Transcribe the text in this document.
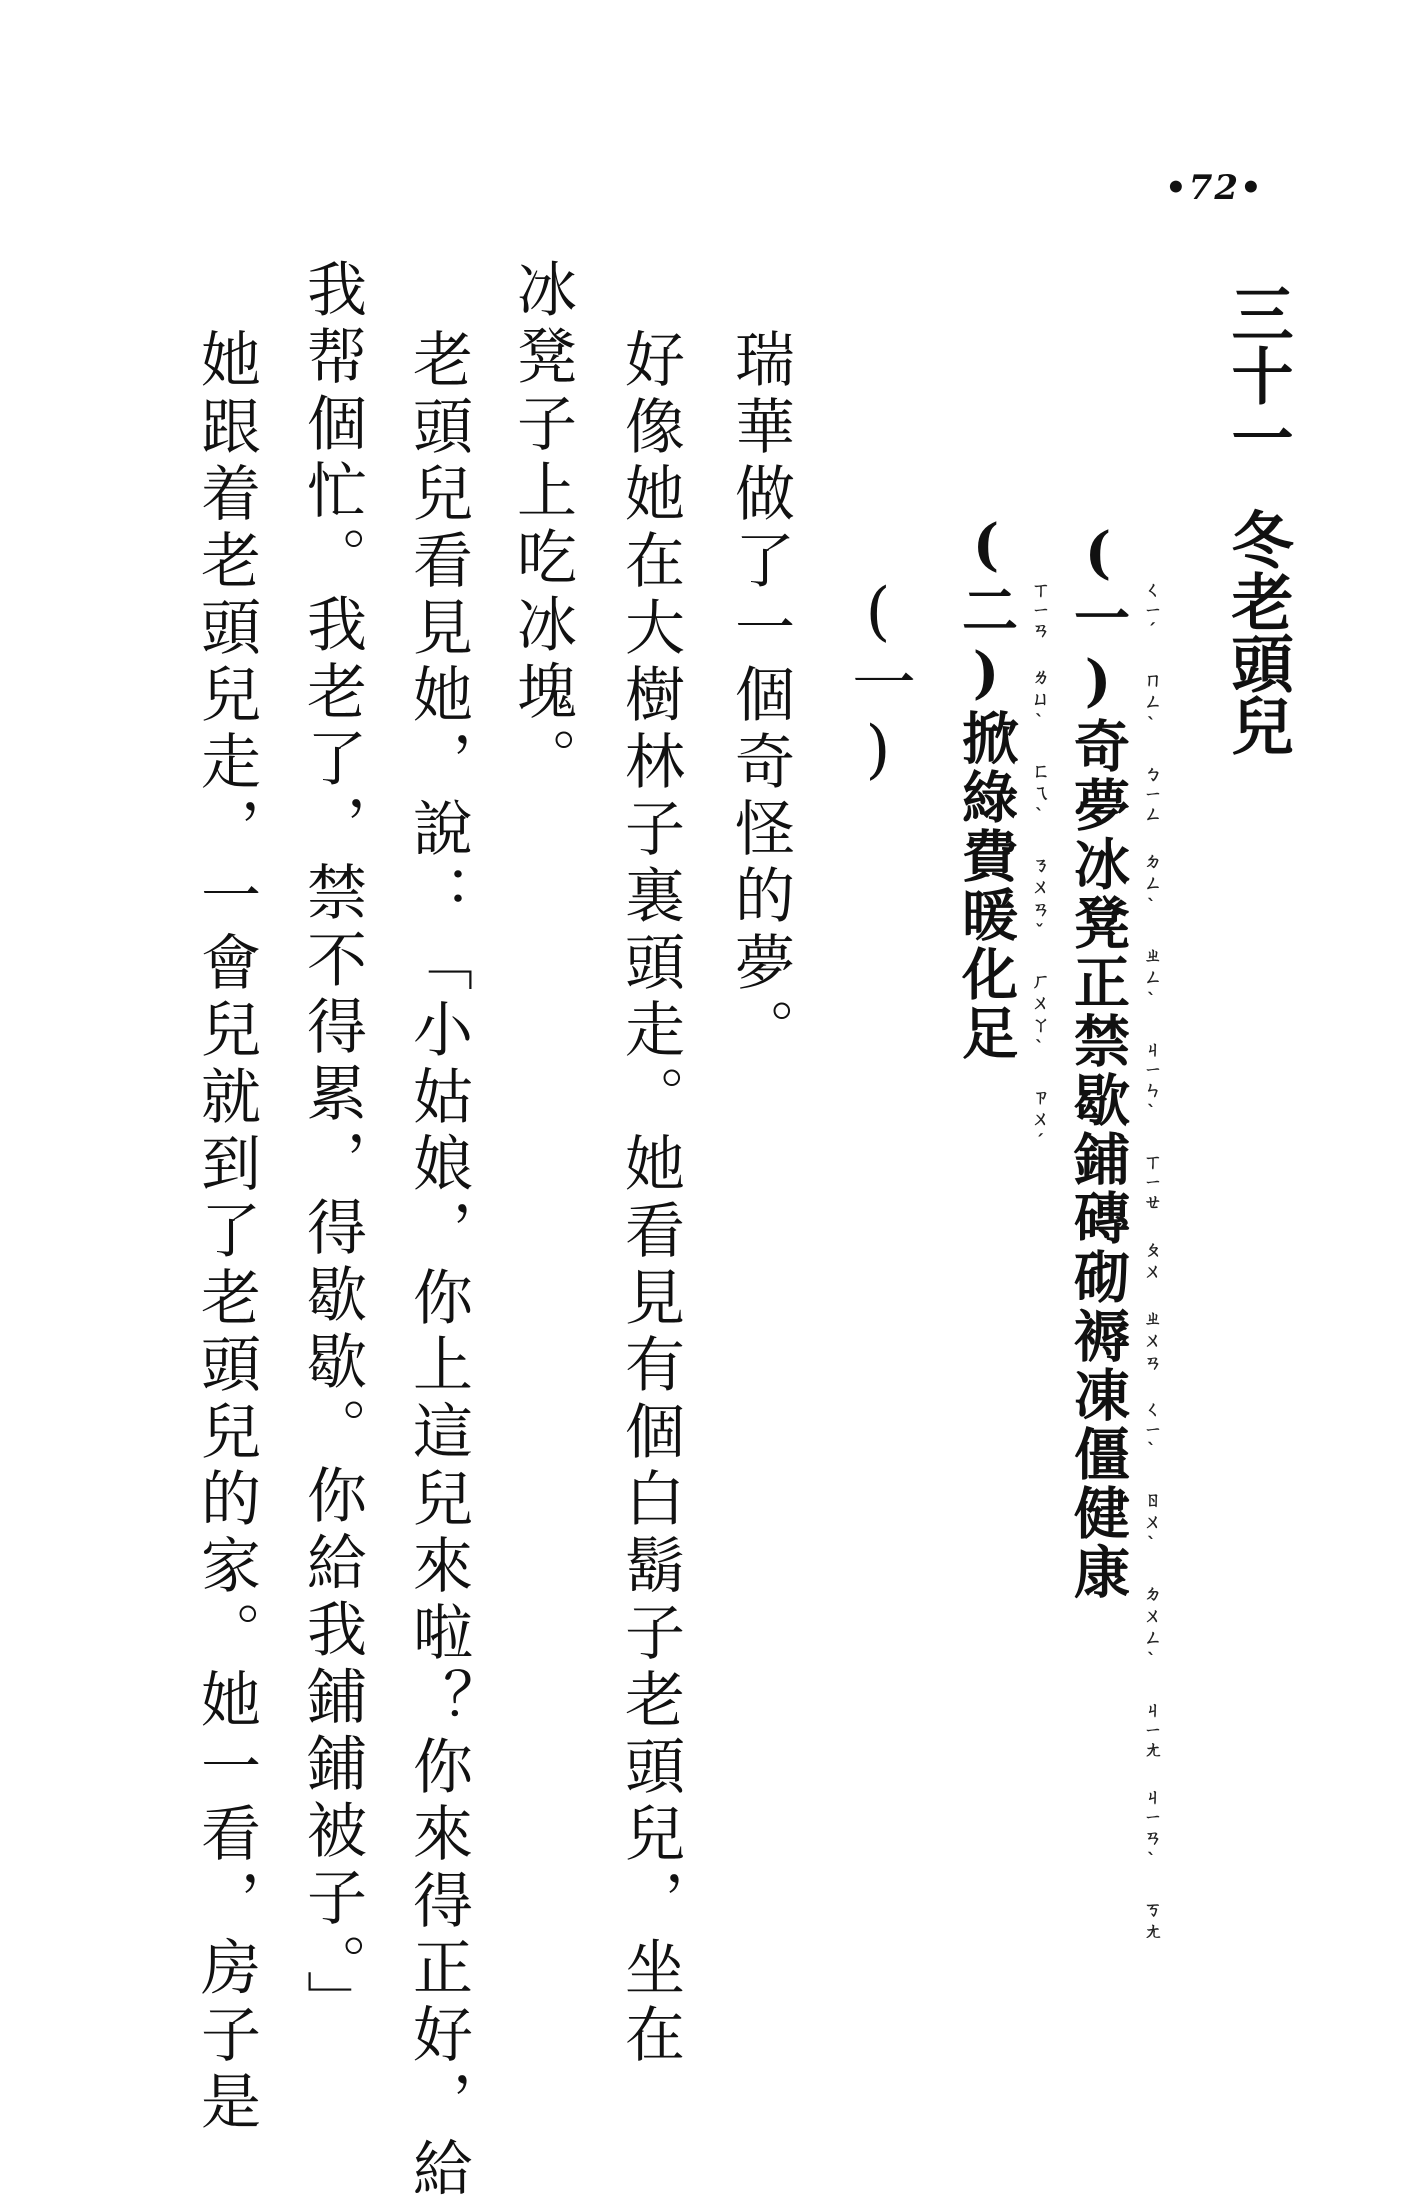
•72•
三十一冬老頭兒
(一)奇夢冰凳正禁歇鋪磚砌褥凍僵健康 ㄑㄧˊ ㄇㄥˋ ㄅㄧㄥ ㄉㄥˋ ㄓㄥˋ ㄐㄧㄣˋ ㄒㄧㄝ ㄆㄨ ㄓㄨㄢ ㄑㄧˋ ㄖㄨˋ ㄉㄨㄥˋ ㄐㄧㄤ ㄐㄧㄢˋ ㄎㄤ
(二)掀綠費暖化足 ㄒㄧㄢ ㄌㄩˋ ㄈㄟˋ ㄋㄨㄢˇ ㄏㄨㄚˋ ㄗㄨˊ
(一)
瑞華做了一個奇怪的夢。
好像她在大樹林子裏頭走。她看見有個白鬍子老頭兒，坐在
冰凳子上吃冰塊。
老頭兒看見她，說：「小姑娘，你上這兒來啦？你來得正好，給
我帮個忙。我老了，禁不得累，得歇歇。你給我鋪鋪被子。」
她跟着老頭兒走，一會兒就到了老頭兒的家。她一看，房子是
